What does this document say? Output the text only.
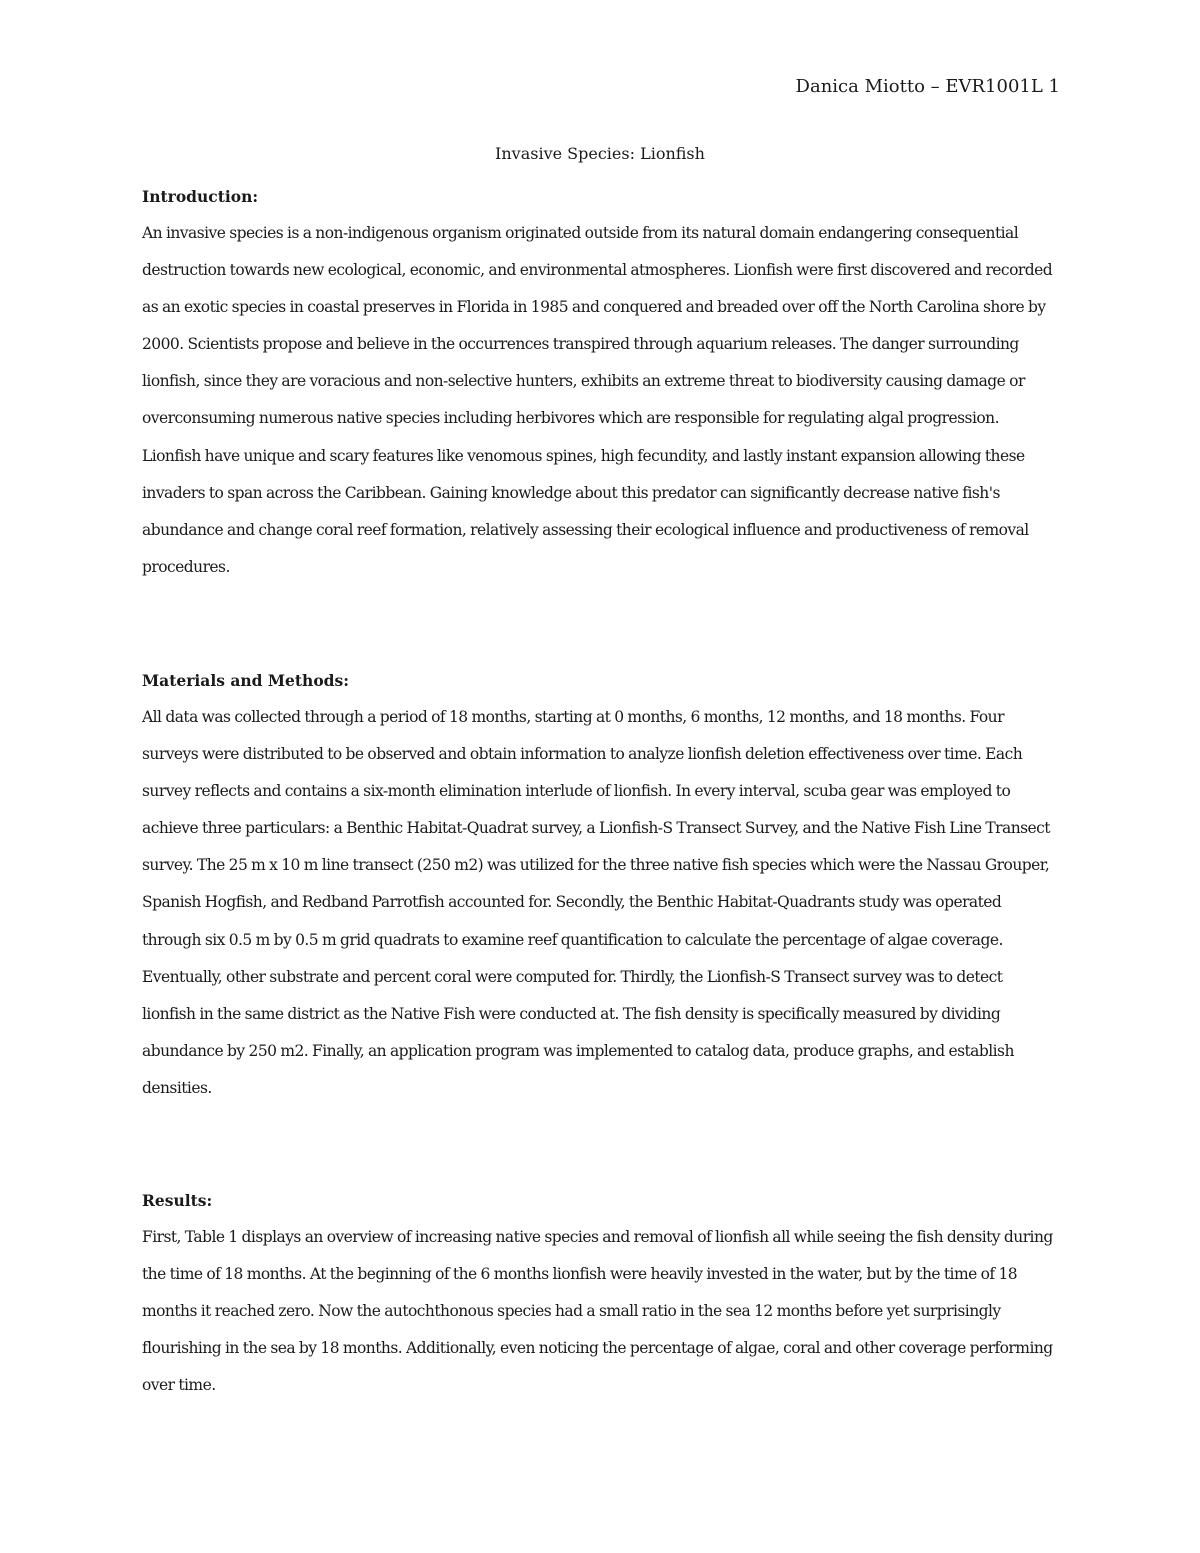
Danica Miotto – EVR1001L 1
Invasive Species: Lionfish

Introduction:

An invasive species is a non-indigenous organism originated outside from its natural domain endangering consequential destruction towards new ecological, economic, and environmental atmospheres. Lionfish were first discovered and recorded as an exotic species in coastal preserves in Florida in 1985 and conquered and breaded over off the North Carolina shore by 2000. Scientists propose and believe in the occurrences transpired through aquarium releases. The danger surrounding lionfish, since they are voracious and non-selective hunters, exhibits an extreme threat to biodiversity causing damage or overconsuming numerous native species including herbivores which are responsible for regulating algal progression. Lionfish have unique and scary features like venomous spines, high fecundity, and lastly instant expansion allowing these invaders to span across the Caribbean. Gaining knowledge about this predator can significantly decrease native fish's abundance and change coral reef formation, relatively assessing their ecological influence and productiveness of removal procedures.

Materials and Methods:

All data was collected through a period of 18 months, starting at 0 months, 6 months, 12 months, and 18 months. Four surveys were distributed to be observed and obtain information to analyze lionfish deletion effectiveness over time. Each survey reflects and contains a six-month elimination interlude of lionfish. In every interval, scuba gear was employed to achieve three particulars: a Benthic Habitat-Quadrat survey, a Lionfish-S Transect Survey, and the Native Fish Line Transect survey. The 25 m x 10 m line transect (250 m2) was utilized for the three native fish species which were the Nassau Grouper, Spanish Hogfish, and Redband Parrotfish accounted for. Secondly, the Benthic Habitat-Quadrants study was operated through six 0.5 m by 0.5 m grid quadrats to examine reef quantification to calculate the percentage of algae coverage. Eventually, other substrate and percent coral were computed for. Thirdly, the Lionfish-S Transect survey was to detect lionfish in the same district as the Native Fish were conducted at. The fish density is specifically measured by dividing abundance by 250 m2. Finally, an application program was implemented to catalog data, produce graphs, and establish densities.

Results:

First, Table 1 displays an overview of increasing native species and removal of lionfish all while seeing the fish density during the time of 18 months. At the beginning of the 6 months lionfish were heavily invested in the water, but by the time of 18 months it reached zero. Now the autochthonous species had a small ratio in the sea 12 months before yet surprisingly flourishing in the sea by 18 months. Additionally, even noticing the percentage of algae, coral and other coverage performing over time.
